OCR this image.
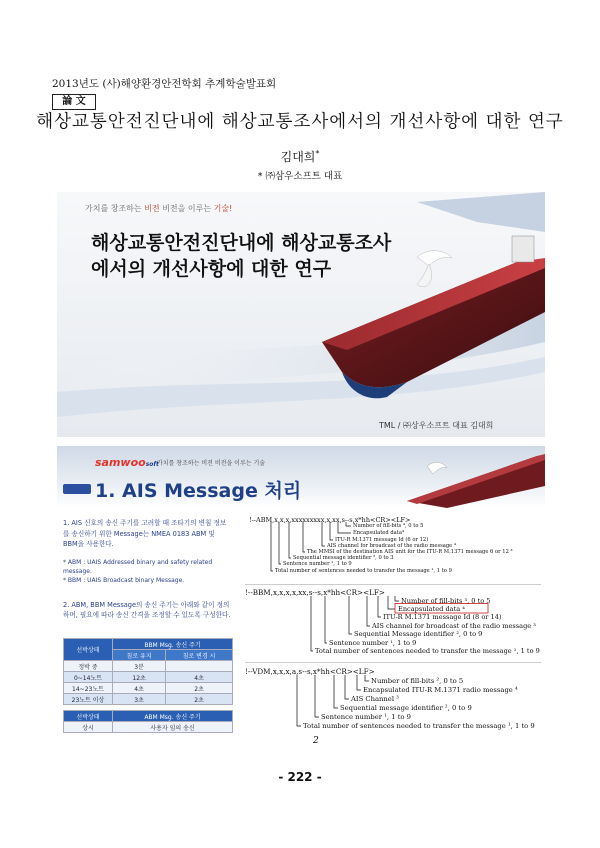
2013년도 (사)해양환경안전학회 추계학술발표회
論 文
해상교통안전진단내에 해상교통조사에서의 개선사항에 대한 연구
김대희*
* ㈜삼우소프트 대표
가치를 창조하는 비전 비전을 이루는 기술!
해상교통안전진단내에 해상교통조사
에서의 개선사항에 대한 연구
TML / ㈜상우소프트 대표 김대희
samwoosoft
가치를 창조하는 비전 비전을 이루는 기술
1. AIS Message 처리
1. AIS 신호의 송신 주기를 고려할 때 조타기의 변침 정보를 송신하기 위한 Message는 NMEA 0183 ABM 및 BBM을 사용한다.
* ABM : UAIS Addressed binary and safety related message.
* BBM : UAIS Broadcast binary Message.
2. ABM, BBM Message의 송신 주기는 아래와 같이 정의하며, 필요에 따라 송신 간격을 조정할 수 있도록 구성한다.
선박상태	BBM Msg. 송신 주기	
	침로 유지	침로 변경 시
정박 중	3분	
0~14노트	12초	4초
14~23노트	4초	2초
23노트 이상	3초	2초
선박상태	ABM Msg. 송신 주기
상시	사용자 임의 송신
!--ABM,x,x,x,xxxxxxxxx,x,xx,s--s,x*hh<CR><LF>
Number of fill-bits ⁴, 0 to 5
Encapsulated data⁴
ITU-R M.1371 message Id (6 or 12)
AIS channel for broadcast of the radio message ⁴
The MMSI of the destination AIS unit for the ITU-R M.1371 message 6 or 12 ³
Sequential message identifier ², 0 to 3
Sentence number ¹, 1 to 9
Total number of sentences needed to transfer the message ¹, 1 to 9
!--BBM,x,x,x,x,xx,s--s,x*hh<CR><LF>
Number of fill-bits ³, 0 to 5
Encapsulated data ⁴
ITU-R M.1371 message Id (8 or 14)
AIS channel for broadcast of the radio message ³
Sequential Message identifier ², 0 to 9
Sentence number ¹, 1 to 9
Total number of sentences needed to transfer the message ¹, 1 to 9
!--VDM,x,x,x,a,s--s,x*hh<CR><LF>
Number of fill-bits ², 0 to 5
Encapsulated ITU-R M.1371 radio message ⁴
AIS Channel ³
Sequential message identifier ², 0 to 9
Sentence number ¹, 1 to 9
Total number of sentences needed to transfer the message ¹, 1 to 9
2
- 222 -
